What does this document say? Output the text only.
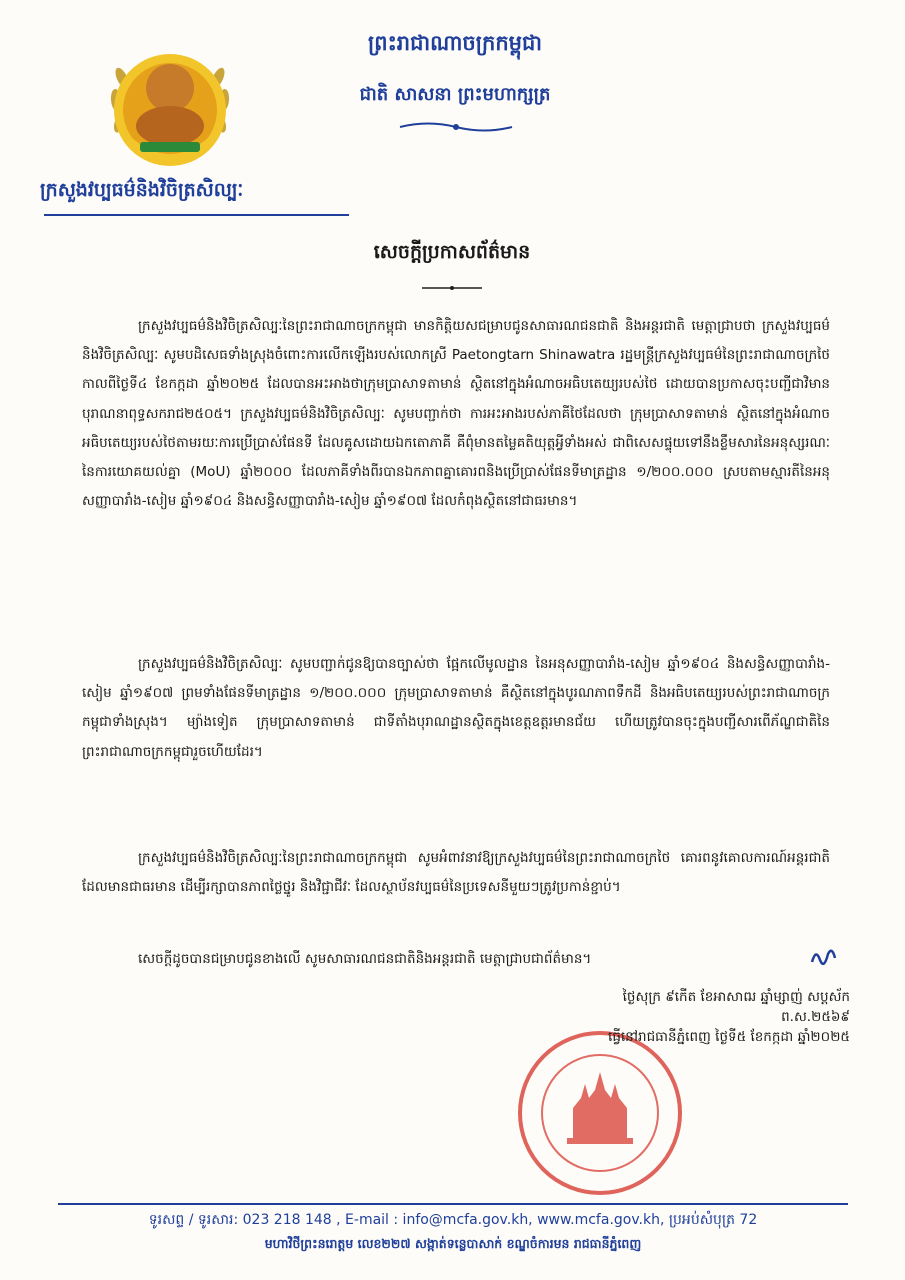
ព្រះរាជាណាចក្រកម្ពុជា
ជាតិ សាសនា ព្រះមហាក្សត្រ
ក្រសួងវប្បធម៌និងវិចិត្រសិល្បៈ
សេចក្តីប្រកាសព័ត៌មាន
ក្រសួងវប្បធម៌និងវិចិត្រសិល្បៈនៃព្រះរាជាណាចក្រកម្ពុជា មានកិត្តិយសជម្រាបជូនសាធារណជនជាតិ និងអន្តរជាតិ មេត្តាជ្រាបថា ក្រសួងវប្បធម៌និងវិចិត្រសិល្បៈ សូមបដិសេធទាំងស្រុងចំពោះការលើកឡើងរបស់លោកស្រី Paetongtarn Shinawatra រដ្ឋមន្ត្រីក្រសួងវប្បធម៌នៃព្រះរាជាណាចក្រថៃ កាលពីថ្ងៃទី៤ ខែកក្កដា ឆ្នាំ២០២៥ ដែលបានអះអាងថាក្រុមប្រាសាទតាមាន់ ស្ថិតនៅក្នុងអំណាចអធិបតេយ្យរបស់ថៃ ដោយបានប្រកាសចុះបញ្ជីជាវិមានបុរាណនាពុទ្ធសករាជ២៥០៥។ ក្រសួងវប្បធម៌និងវិចិត្រសិល្បៈ សូមបញ្ជាក់ថា ការអះអាងរបស់ភាគីថៃដែលថា ក្រុមប្រាសាទតាមាន់ ស្ថិតនៅក្នុងអំណាចអធិបតេយ្យរបស់ថៃតាមរយៈការប្រើប្រាស់ផែនទី ដែលគូសដោយឯកតោភាគី គឺពុំមានតម្លៃគតិយុត្តអ្វីទាំងអស់ ជាពិសេសផ្ទុយទៅនឹងខ្លឹមសារនៃអនុស្សរណៈនៃការយោគយល់គ្នា (MoU) ឆ្នាំ២០០០ ដែលភាគីទាំងពីរបានឯកភាពគ្នាគោរពនិងប្រើប្រាស់ផែនទីមាត្រដ្ឋាន ១/២០០.០០០ ស្របតាមស្មារតីនៃអនុសញ្ញាបារាំង-សៀម ឆ្នាំ១៩០៤ និងសន្ធិសញ្ញាបារាំង-សៀម ឆ្នាំ១៩០៧ ដែលកំពុងស្ថិតនៅជាធរមាន។
ក្រសួងវប្បធម៌និងវិចិត្រសិល្បៈ សូមបញ្ជាក់ជូនឱ្យបានច្បាស់ថា ផ្អែកលើមូលដ្ឋាន នៃអនុសញ្ញាបារាំង-សៀម ឆ្នាំ១៩០៤ និងសន្ធិសញ្ញាបារាំង-សៀម ឆ្នាំ១៩០៧ ព្រមទាំងផែនទីមាត្រដ្ឋាន ១/២០០.០០០ ក្រុមប្រាសាទតាមាន់ គឺស្ថិតនៅក្នុងបូរណភាពទឹកដី និងអធិបតេយ្យរបស់ព្រះរាជាណាចក្រកម្ពុជាទាំងស្រុង។ ម្យ៉ាងទៀត ក្រុមប្រាសាទតាមាន់ ជាទីតាំងបុរាណដ្ឋានស្ថិតក្នុងខេត្តឧត្តរមានជ័យ ហើយត្រូវបានចុះក្នុងបញ្ជីសារពើភ័ណ្ឌជាតិនៃព្រះរាជាណាចក្រកម្ពុជារួចហើយដែរ។
ក្រសួងវប្បធម៌និងវិចិត្រសិល្បៈនៃព្រះរាជាណាចក្រកម្ពុជា សូមអំពាវនាវឱ្យក្រសួងវប្បធម៌នៃព្រះរាជាណាចក្រថៃ គោរពនូវគោលការណ៍អន្តរជាតិដែលមានជាធរមាន ដើម្បីរក្សាបានភាពថ្លៃថ្នូរ និងវិជ្ជាជីវៈ ដែលស្ថាប័នវប្បធម៌នៃប្រទេសនីមួយៗត្រូវប្រកាន់ខ្ជាប់។
សេចក្តីដូចបានជម្រាបជូនខាងលើ សូមសាធារណជនជាតិនិងអន្តរជាតិ មេត្តាជ្រាបជាព័ត៌មាន។
ថ្ងៃសុក្រ ៩កើត ខែអាសាឍ ឆ្នាំម្សាញ់ សប្តស័ក ព.ស.២៥៦៩
ធ្វើនៅរាជធានីភ្នំពេញ ថ្ងៃទី៥ ខែកក្កដា ឆ្នាំ២០២៥
ទូរសព្ទ / ទូរសារ: 023 218 148 , E-mail : info@mcfa.gov.kh, www.mcfa.gov.kh, ប្រអប់សំបុត្រ 72
មហាវិថីព្រះនរោត្តម លេខ២២៧ សង្កាត់ទន្លេបាសាក់ ខណ្ឌចំការមន រាជធានីភ្នំពេញ
